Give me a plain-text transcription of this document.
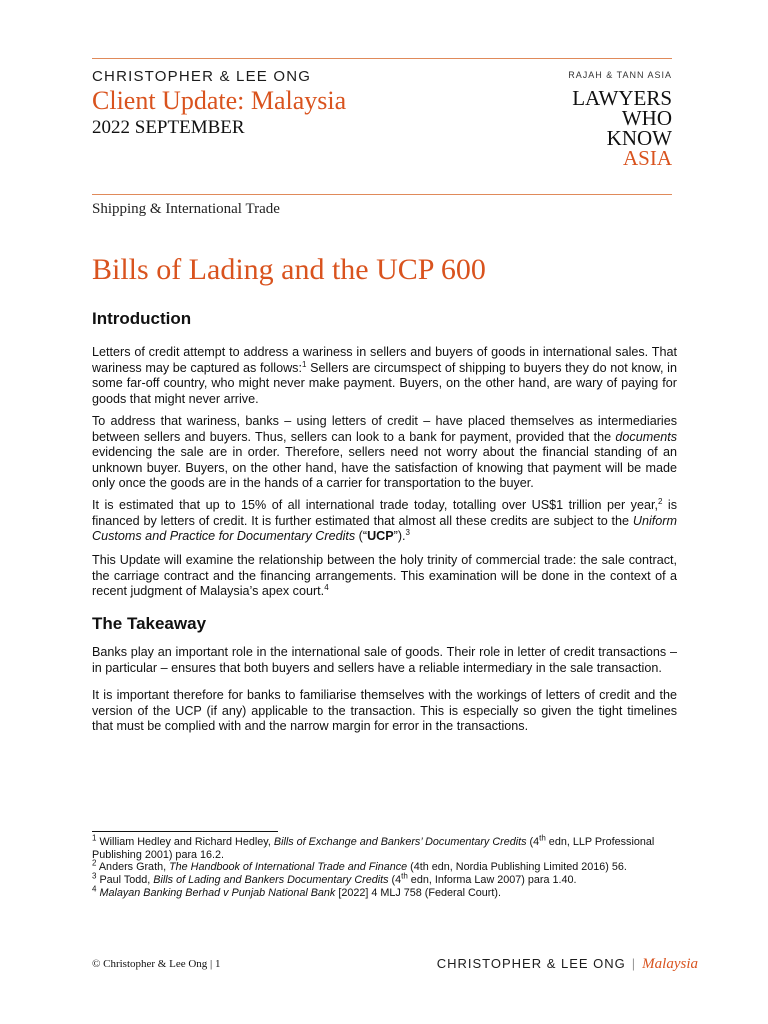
CHRISTOPHER & LEE ONG
Client Update: Malaysia
2022 SEPTEMBER
RAJAH & TANN ASIA
LAWYERS
WHO
KNOW
ASIA
Shipping & International Trade
Bills of Lading and the UCP 600
Introduction
Letters of credit attempt to address a wariness in sellers and buyers of goods in international sales. That wariness may be captured as follows:$^1$ Sellers are circumspect of shipping to buyers they do not know, in some far-off country, who might never make payment. Buyers, on the other hand, are wary of paying for goods that might never arrive.
To address that wariness, banks – using letters of credit – have placed themselves as intermediaries between sellers and buyers. Thus, sellers can look to a bank for payment, provided that the documents evidencing the sale are in order. Therefore, sellers need not worry about the financial standing of an unknown buyer. Buyers, on the other hand, have the satisfaction of knowing that payment will be made only once the goods are in the hands of a carrier for transportation to the buyer.
It is estimated that up to 15% of all international trade today, totalling over US$1 trillion per year,$^2$ is financed by letters of credit. It is further estimated that almost all these credits are subject to the Uniform Customs and Practice for Documentary Credits (“UCP”).$^3$
This Update will examine the relationship between the holy trinity of commercial trade: the sale contract, the carriage contract and the financing arrangements. This examination will be done in the context of a recent judgment of Malaysia’s apex court.$^4$
The Takeaway
Banks play an important role in the international sale of goods. Their role in letter of credit transactions – in particular – ensures that both buyers and sellers have a reliable intermediary in the sale transaction.
It is important therefore for banks to familiarise themselves with the workings of letters of credit and the version of the UCP (if any) applicable to the transaction. This is especially so given the tight timelines that must be complied with and the narrow margin for error in the transactions.
$^1$ William Hedley and Richard Hedley, Bills of Exchange and Bankers’ Documentary Credits (4th edn, LLP Professional Publishing 2001) para 16.2.
$^2$ Anders Grath, The Handbook of International Trade and Finance (4th edn, Nordia Publishing Limited 2016) 56.
$^3$ Paul Todd, Bills of Lading and Bankers Documentary Credits (4th edn, Informa Law 2007) para 1.40.
$^4$ Malayan Banking Berhad v Punjab National Bank [2022] 4 MLJ 758 (Federal Court).
© Christopher & Lee Ong | 1	CHRISTOPHER & LEE ONG | Malaysia
